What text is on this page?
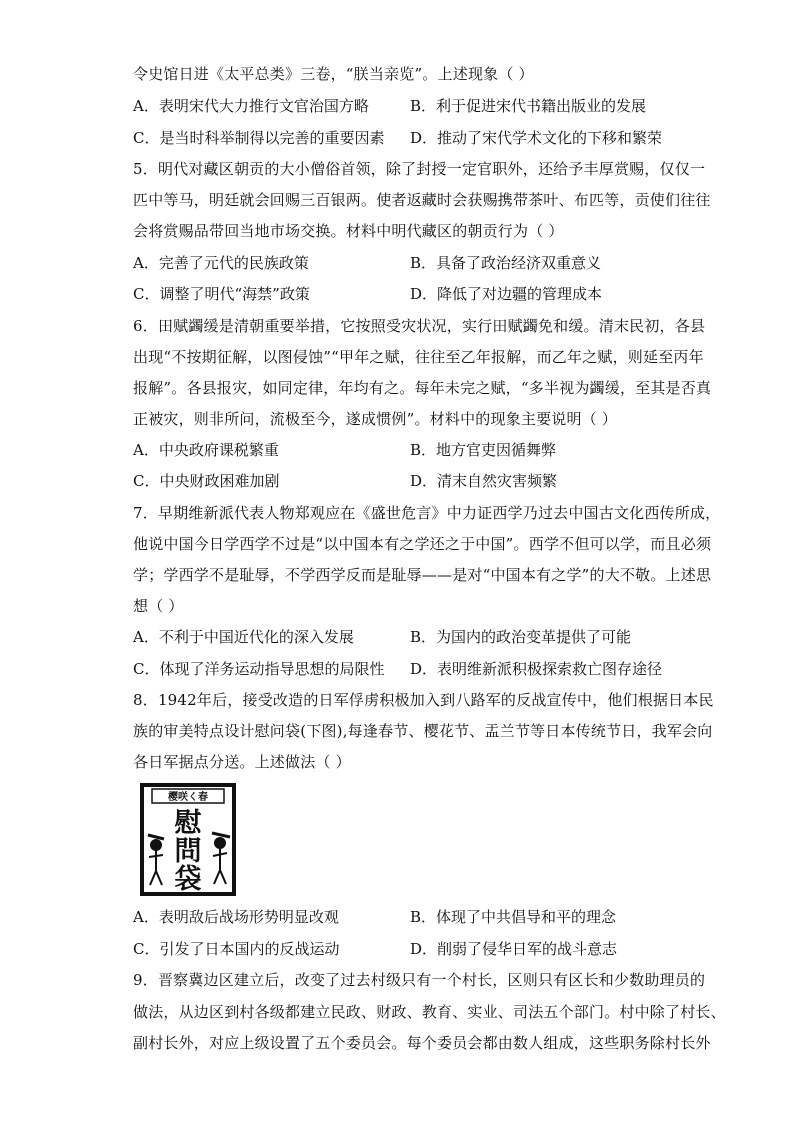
令史馆日进《太平总类》三卷，“朕当亲览”。上述现象（ ）
A．表明宋代大力推行文官治国方略	B．利于促进宋代书籍出版业的发展
C．是当时科举制得以完善的重要因素 D．推动了宋代学术文化的下移和繁荣
5．明代对藏区朝贡的大小僧俗首领，除了封授一定官职外，还给予丰厚赏赐，仅仅一
匹中等马，明廷就会回赐三百银两。使者返藏时会获赐携带茶叶、布匹等，贡使们往往
会将赏赐品带回当地市场交换。材料中明代藏区的朝贡行为（ ）
A．完善了元代的民族政策	B．具备了政治经济双重意义
C．调整了明代“海禁”政策	D．降低了对边疆的管理成本
6．田赋蠲缓是清朝重要举措，它按照受灾状况，实行田赋蠲免和缓。清末民初，各县
出现“不按期征解，以图侵蚀”“甲年之赋，往往至乙年报解，而乙年之赋，则延至丙年
报解”。各县报灾，如同定律，年均有之。每年未完之赋，“多半视为蠲缓，至其是否真
正被灾，则非所问，流极至今，遂成惯例”。材料中的现象主要说明（ ）
A．中央政府课税繁重	B．地方官吏因循舞弊
C．中央财政困难加剧	D．清末自然灾害频繁
7．早期维新派代表人物郑观应在《盛世危言》中力证西学乃过去中国古文化西传所成，
他说中国今日学西学不过是“以中国本有之学还之于中国”。西学不但可以学，而且必须
学；学西学不是耻辱，不学西学反而是耻辱——是对“中国本有之学”的大不敬。上述思
想（ ）
A．不利于中国近代化的深入发展	B．为国内的政治变革提供了可能
C．体现了洋务运动指导思想的局限性 D．表明维新派积极探索救亡图存途径
8．1942年后，接受改造的日军俘虏积极加入到八路军的反战宣传中，他们根据日本民
族的审美特点设计慰问袋(下图),每逢春节、樱花节、盂兰节等日本传统节日，我军会向
各日军据点分送。上述做法（ ）
樱咲く春
慰
問
袋
A．表明敌后战场形势明显改观	B．体现了中共倡导和平的理念
C．引发了日本国内的反战运动	D．削弱了侵华日军的战斗意志
9．晋察冀边区建立后，改变了过去村级只有一个村长，区则只有区长和少数助理员的
做法，从边区到村各级都建立民政、财政、教育、实业、司法五个部门。村中除了村长、
副村长外，对应上级设置了五个委员会。每个委员会都由数人组成，这些职务除村长外
